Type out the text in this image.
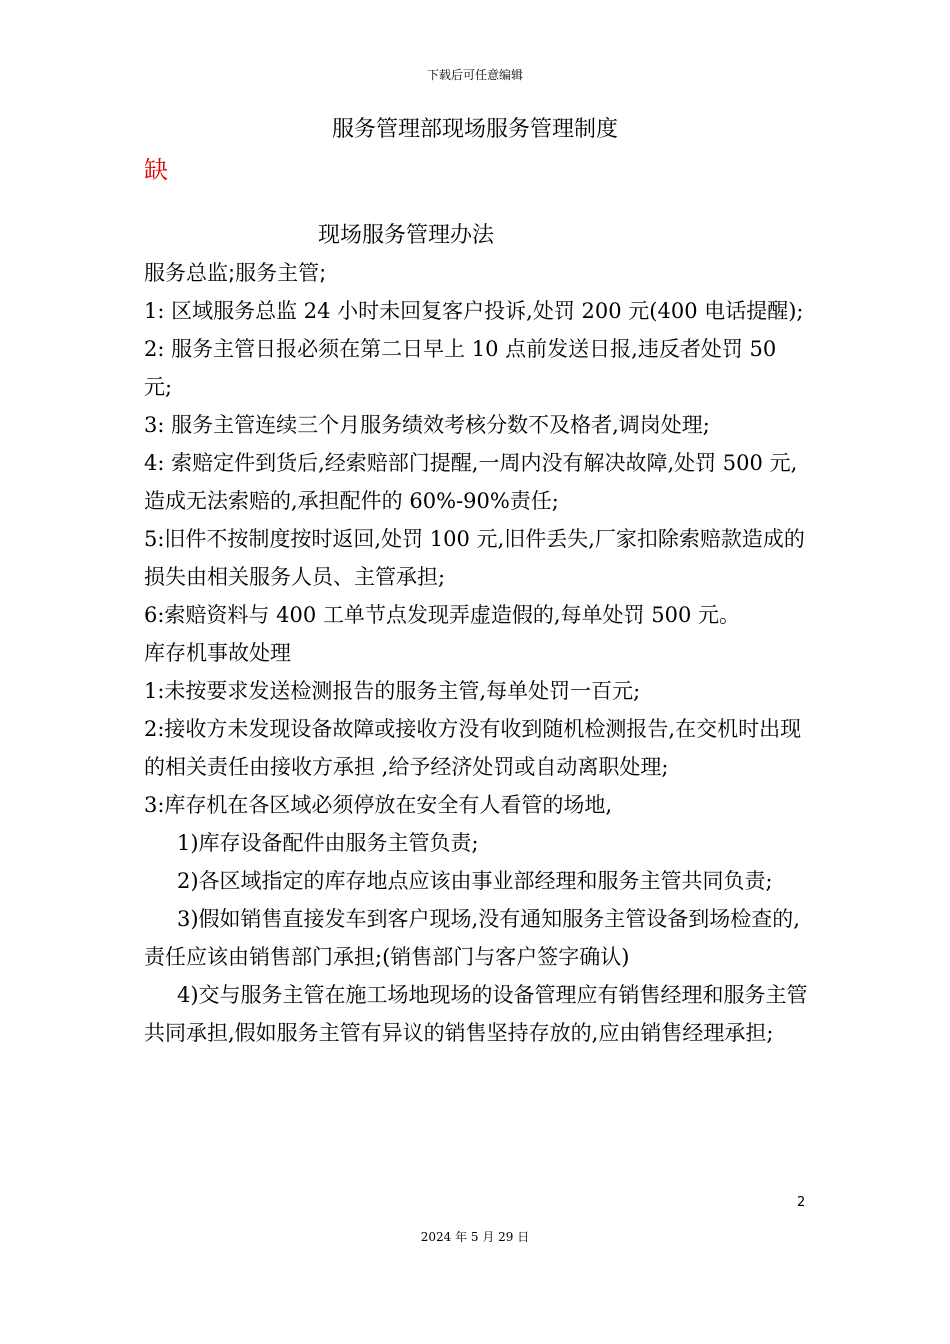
下载后可任意编辑
服务管理部现场服务管理制度
缺
现场服务管理办法

服务总监;服务主管;

1: 区域服务总监 24 小时未回复客户投诉,处罚 200 元(400 电话提醒);

2: 服务主管日报必须在第二日早上 10 点前发送日报,违反者处罚 50 元;

3: 服务主管连续三个月服务绩效考核分数不及格者,调岗处理;

4: 索赔定件到货后,经索赔部门提醒,一周内没有解决故障,处罚 500 元,造成无法索赔的,承担配件的 60%-90%责任;

5:旧件不按制度按时返回,处罚 100 元,旧件丢失,厂家扣除索赔款造成的损失由相关服务人员、主管承担;

6:索赔资料与 400 工单节点发现弄虚造假的,每单处罚 500 元。

库存机事故处理

1:未按要求发送检测报告的服务主管,每单处罚一百元;

2:接收方未发现设备故障或接收方没有收到随机检测报告,在交机时出现的相关责任由接收方承担 ,给予经济处罚或自动离职处理;

3:库存机在各区域必须停放在安全有人看管的场地,

1)库存设备配件由服务主管负责;

2)各区域指定的库存地点应该由事业部经理和服务主管共同负责;

3)假如销售直接发车到客户现场,没有通知服务主管设备到场检查的,责任应该由销售部门承担;(销售部门与客户签字确认)

4)交与服务主管在施工场地现场的设备管理应有销售经理和服务主管共同承担,假如服务主管有异议的销售坚持存放的,应由销售经理承担;

2
2024 年 5 月 29 日
